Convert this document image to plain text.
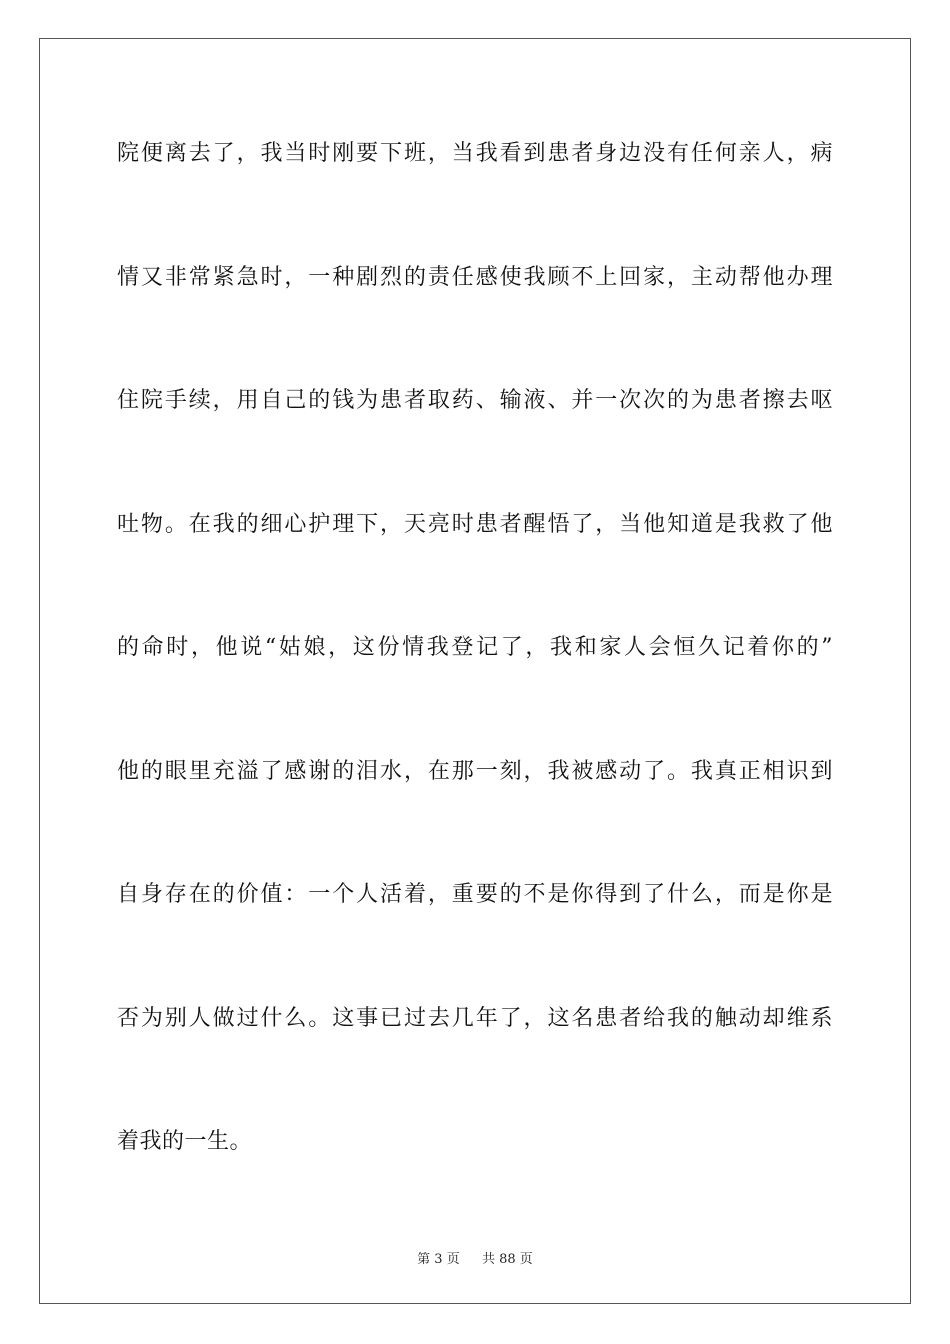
院便离去了，我当时刚要下班，当我看到患者身边没有任何亲人，病
情又非常紧急时，一种剧烈的责任感使我顾不上回家，主动帮他办理
住院手续，用自己的钱为患者取药、输液、并一次次的为患者擦去呕
吐物。在我的细心护理下，天亮时患者醒悟了，当他知道是我救了他
的命时，他说“姑娘，这份情我登记了，我和家人会恒久记着你的”
他的眼里充溢了感谢的泪水，在那一刻，我被感动了。我真正相识到
自身存在的价值：一个人活着，重要的不是你得到了什么，而是你是
否为别人做过什么。这事已过去几年了，这名患者给我的触动却维系
着我的一生。
第 3 页 共 88 页
